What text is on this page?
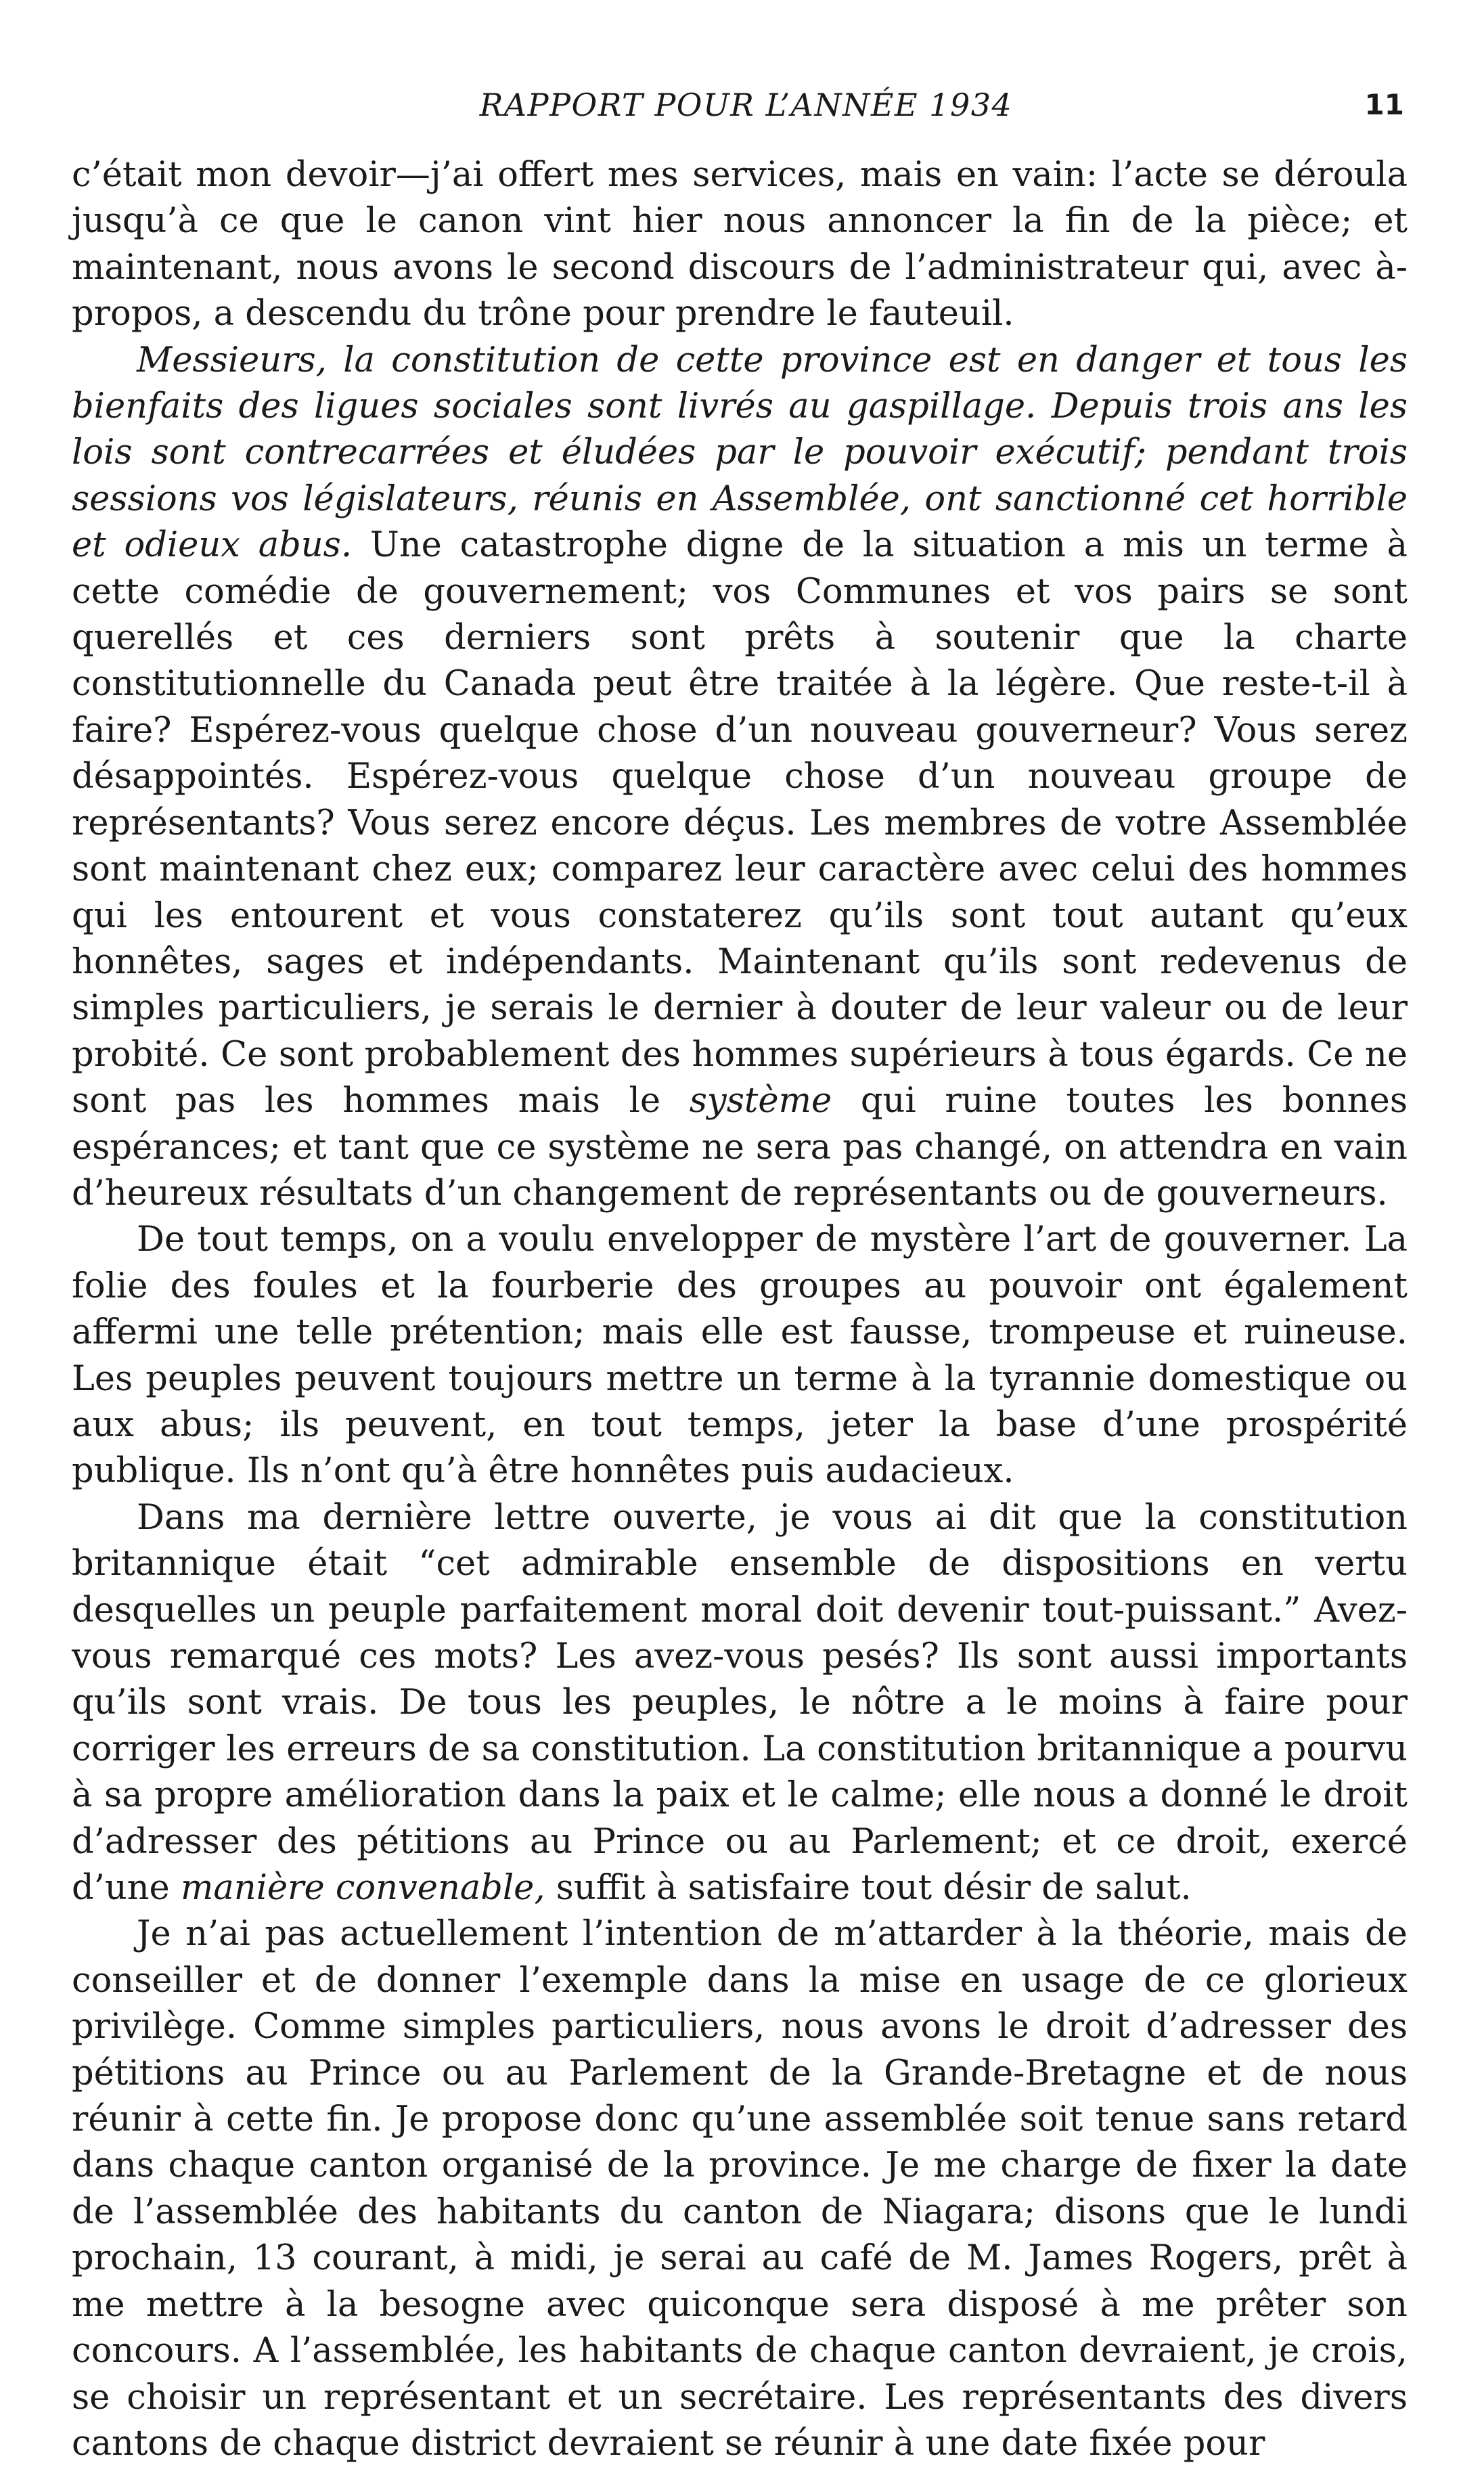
RAPPORT POUR L’ANNÉE 1934	11

c’était mon devoir—j’ai offert mes services, mais en vain: l’acte se déroula jusqu’à ce que le canon vint hier nous annoncer la fin de la pièce; et maintenant, nous avons le second discours de l’administrateur qui, avec à-propos, a descendu du trône pour prendre le fauteuil.

Messieurs, la constitution de cette province est en danger et tous les bienfaits des ligues sociales sont livrés au gaspillage. Depuis trois ans les lois sont contrecarrées et éludées par le pouvoir exécutif; pendant trois sessions vos législateurs, réunis en Assemblée, ont sanctionné cet horrible et odieux abus. Une catastrophe digne de la situation a mis un terme à cette comédie de gouvernement; vos Communes et vos pairs se sont querellés et ces derniers sont prêts à soutenir que la charte constitutionnelle du Canada peut être traitée à la légère. Que reste-t-il à faire? Espérez-vous quelque chose d’un nouveau gouverneur? Vous serez désappointés. Espérez-vous quelque chose d’un nouveau groupe de représentants? Vous serez encore déçus. Les membres de votre Assemblée sont maintenant chez eux; comparez leur caractère avec celui des hommes qui les entourent et vous constaterez qu’ils sont tout autant qu’eux honnêtes, sages et indépendants. Maintenant qu’ils sont redevenus de simples particuliers, je serais le dernier à douter de leur valeur ou de leur probité. Ce sont probablement des hommes supérieurs à tous égards. Ce ne sont pas les hommes mais le système qui ruine toutes les bonnes espérances; et tant que ce système ne sera pas changé, on attendra en vain d’heureux résultats d’un changement de représentants ou de gouverneurs.

De tout temps, on a voulu envelopper de mystère l’art de gouverner. La folie des foules et la fourberie des groupes au pouvoir ont également affermi une telle prétention; mais elle est fausse, trompeuse et ruineuse. Les peuples peuvent toujours mettre un terme à la tyrannie domestique ou aux abus; ils peuvent, en tout temps, jeter la base d’une prospérité publique. Ils n’ont qu’à être honnêtes puis audacieux.

Dans ma dernière lettre ouverte, je vous ai dit que la constitution britannique était “cet admirable ensemble de dispositions en vertu desquelles un peuple parfaitement moral doit devenir tout-puissant.” Avez-vous remarqué ces mots? Les avez-vous pesés? Ils sont aussi importants qu’ils sont vrais. De tous les peuples, le nôtre a le moins à faire pour corriger les erreurs de sa constitution. La constitution britannique a pourvu à sa propre amélioration dans la paix et le calme; elle nous a donné le droit d’adresser des pétitions au Prince ou au Parlement; et ce droit, exercé d’une manière convenable, suffit à satisfaire tout désir de salut.

Je n’ai pas actuellement l’intention de m’attarder à la théorie, mais de conseiller et de donner l’exemple dans la mise en usage de ce glorieux privilège. Comme simples particuliers, nous avons le droit d’adresser des pétitions au Prince ou au Parlement de la Grande-Bretagne et de nous réunir à cette fin. Je propose donc qu’une assemblée soit tenue sans retard dans chaque canton organisé de la province. Je me charge de fixer la date de l’assemblée des habitants du canton de Niagara; disons que le lundi prochain, 13 courant, à midi, je serai au café de M. James Rogers, prêt à me mettre à la besogne avec quiconque sera disposé à me prêter son concours. A l’assemblée, les habitants de chaque canton devraient, je crois, se choisir un représentant et un secrétaire. Les représentants des divers cantons de chaque district devraient se réunir à une date fixée pour
